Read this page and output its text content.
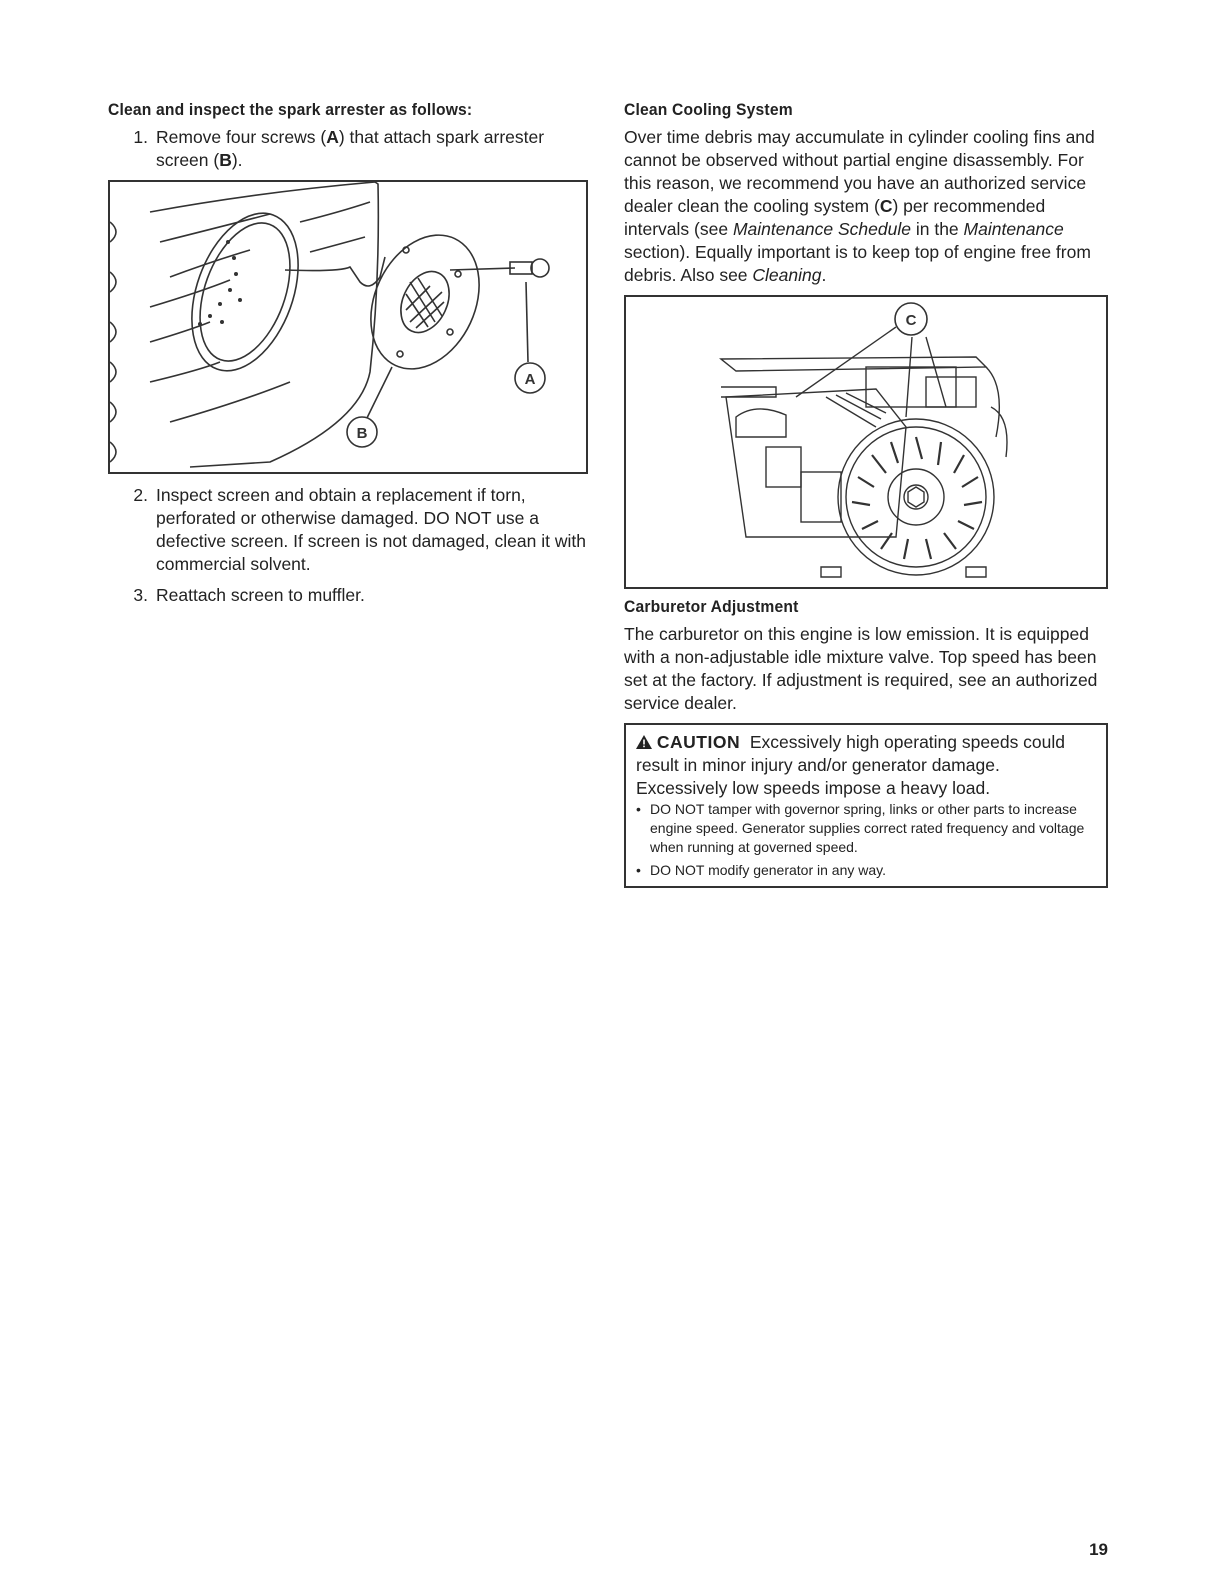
Clean and inspect the spark arrester as follows:
1. Remove four screws (A) that attach spark arrester screen (B).
A
B
2. Inspect screen and obtain a replacement if torn, perforated or otherwise damaged. DO NOT use a defective screen. If screen is not damaged, clean it with commercial solvent.
3. Reattach screen to muffler.
Clean Cooling System

Over time debris may accumulate in cylinder cooling fins and cannot be observed without partial engine disassembly. For this reason, we recommend you have an authorized service dealer clean the cooling system (C) per recommended intervals (see Maintenance Schedule in the Maintenance section). Equally important is to keep top of engine free from debris. Also see Cleaning.

C
Carburetor Adjustment

The carburetor on this engine is low emission. It is equipped with a non-adjustable idle mixture valve. Top speed has been set at the factory. If adjustment is required, see an authorized service dealer.

CAUTION Excessively high operating speeds could result in minor injury and/or generator damage. Excessively low speeds impose a heavy load.
• DO NOT tamper with governor spring, links or other parts to increase engine speed. Generator supplies correct rated frequency and voltage when running at governed speed.
• DO NOT modify generator in any way.
19
